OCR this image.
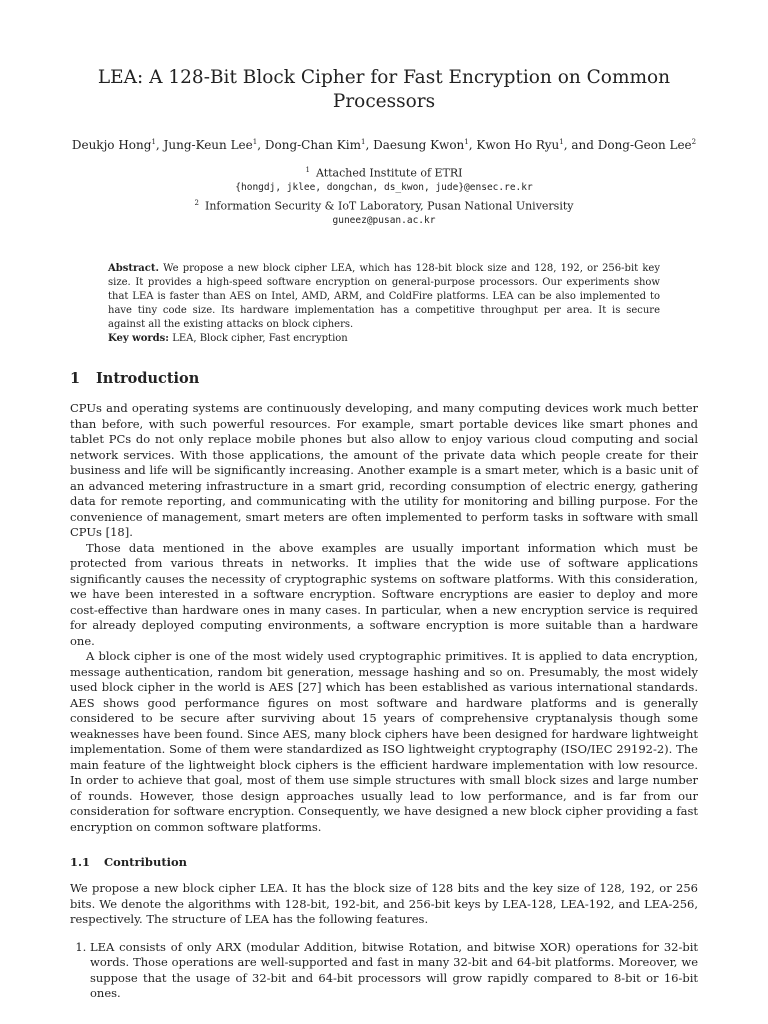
LEA: A 128-Bit Block Cipher for Fast Encryption on Common Processors
Deukjo Hong$^1$, Jung-Keun Lee$^1$, Dong-Chan Kim$^1$, Daesung Kwon$^1$, Kwon Ho Ryu$^1$, and Dong-Geon Lee$^2$
$^1$ Attached Institute of ETRI
{hongdj, jklee, dongchan, ds_kwon, jude}@ensec.re.kr
$^2$ Information Security & IoT Laboratory, Pusan National University
guneez@pusan.ac.kr
Abstract. We propose a new block cipher LEA, which has 128-bit block size and 128, 192, or 256-bit key size. It provides a high-speed software encryption on general-purpose processors. Our experiments show that LEA is faster than AES on Intel, AMD, ARM, and ColdFire platforms. LEA can be also implemented to have tiny code size. Its hardware implementation has a competitive throughput per area. It is secure against all the existing attacks on block ciphers.
Key words: LEA, Block cipher, Fast encryption
1 Introduction

CPUs and operating systems are continuously developing, and many computing devices work much better than before, with such powerful resources. For example, smart portable devices like smart phones and tablet PCs do not only replace mobile phones but also allow to enjoy various cloud computing and social network services. With those applications, the amount of the private data which people create for their business and life will be significantly increasing. Another example is a smart meter, which is a basic unit of an advanced metering infrastructure in a smart grid, recording consumption of electric energy, gathering data for remote reporting, and communicating with the utility for monitoring and billing purpose. For the convenience of management, smart meters are often implemented to perform tasks in software with small CPUs [18].

Those data mentioned in the above examples are usually important information which must be protected from various threats in networks. It implies that the wide use of software applications significantly causes the necessity of cryptographic systems on software platforms. With this consideration, we have been interested in a software encryption. Software encryptions are easier to deploy and more cost-effective than hardware ones in many cases. In particular, when a new encryption service is required for already deployed computing environments, a software encryption is more suitable than a hardware one.

A block cipher is one of the most widely used cryptographic primitives. It is applied to data encryption, message authentication, random bit generation, message hashing and so on. Presumably, the most widely used block cipher in the world is AES [27] which has been established as various international standards. AES shows good performance figures on most software and hardware platforms and is generally considered to be secure after surviving about 15 years of comprehensive cryptanalysis though some weaknesses have been found. Since AES, many block ciphers have been designed for hardware lightweight implementation. Some of them were standardized as ISO lightweight cryptography (ISO/IEC 29192-2). The main feature of the lightweight block ciphers is the efficient hardware implementation with low resource. In order to achieve that goal, most of them use simple structures with small block sizes and large number of rounds. However, those design approaches usually lead to low performance, and is far from our consideration for software encryption. Consequently, we have designed a new block cipher providing a fast encryption on common software platforms.

1.1 Contribution

We propose a new block cipher LEA. It has the block size of 128 bits and the key size of 128, 192, or 256 bits. We denote the algorithms with 128-bit, 192-bit, and 256-bit keys by LEA-128, LEA-192, and LEA-256, respectively. The structure of LEA has the following features.

1. LEA consists of only ARX (modular Addition, bitwise Rotation, and bitwise XOR) operations for 32-bit words. Those operations are well-supported and fast in many 32-bit and 64-bit platforms. Moreover, we suppose that the usage of 32-bit and 64-bit processors will grow rapidly compared to 8-bit or 16-bit ones.
